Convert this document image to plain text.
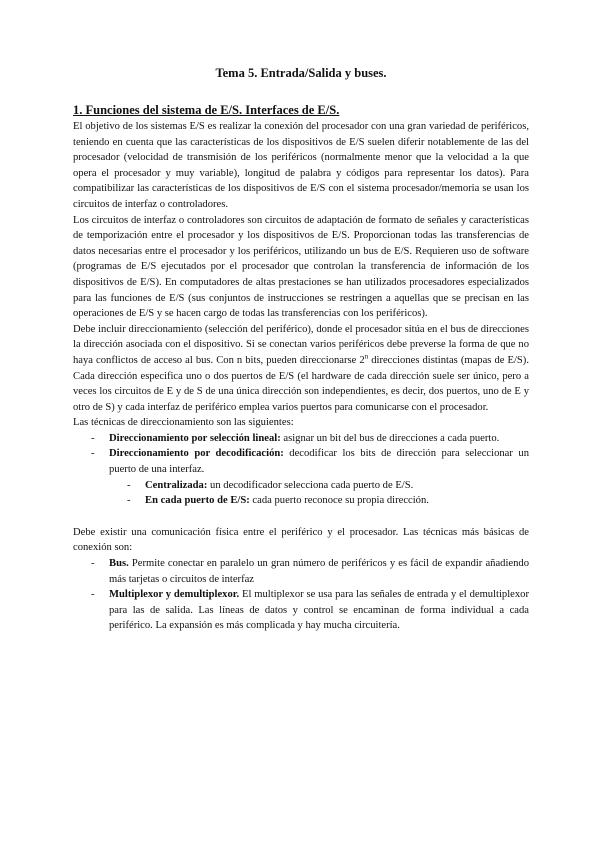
Tema 5. Entrada/Salida y buses.
1. Funciones del sistema de E/S. Interfaces de E/S.

El objetivo de los sistemas E/S es realizar la conexión del procesador con una gran variedad de periféricos, teniendo en cuenta que las características de los dispositivos de E/S suelen diferir notablemente de las del procesador (velocidad de transmisión de los periféricos (normalmente menor que la velocidad a la que opera el procesador y muy variable), longitud de palabra y códigos para representar los datos). Para compatibilizar las características de los dispositivos de E/S con el sistema procesador/memoria se usan los circuitos de interfaz o controladores.

Los circuitos de interfaz o controladores son circuitos de adaptación de formato de señales y características de temporización entre el procesador y los dispositivos de E/S. Proporcionan todas las transferencias de datos necesarias entre el procesador y los periféricos, utilizando un bus de E/S. Requieren uso de software (programas de E/S ejecutados por el procesador que controlan la transferencia de información de los dispositivos de E/S). En computadores de altas prestaciones se han utilizados procesadores especializados para las funciones de E/S (sus conjuntos de instrucciones se restringen a aquellas que se precisan en las operaciones de E/S y se hacen cargo de todas las transferencias con los periféricos).

Debe incluir direccionamiento (selección del periférico), donde el procesador sitúa en el bus de direcciones la dirección asociada con el dispositivo. Si se conectan varios periféricos debe preverse la forma de que no haya conflictos de acceso al bus. Con n bits, pueden direccionarse 2$^n$ direcciones distintas (mapas de E/S). Cada dirección especifica uno o dos puertos de E/S (el hardware de cada dirección suele ser único, pero a veces los circuitos de E y de S de una única dirección son independientes, es decir, dos puertos, uno de E y otro de S) y cada interfaz de periférico emplea varios puertos para comunicarse con el procesador.

Las técnicas de direccionamiento son las siguientes:

- Direccionamiento por selección lineal: asignar un bit del bus de direcciones a cada puerto.
- Direccionamiento por decodificación: decodificar los bits de dirección para seleccionar un puerto de una interfaz.
- Centralizada: un decodificador selecciona cada puerto de E/S.
- En cada puerto de E/S: cada puerto reconoce su propia dirección.

Debe existir una comunicación física entre el periférico y el procesador. Las técnicas más básicas de conexión son:

- Bus. Permite conectar en paralelo un gran número de periféricos y es fácil de expandir añadiendo más tarjetas o circuitos de interfaz
- Multiplexor y demultiplexor. El multiplexor se usa para las señales de entrada y el demultiplexor para las de salida. Las líneas de datos y control se encaminan de forma individual a cada periférico. La expansión es más complicada y hay mucha circuitería.
